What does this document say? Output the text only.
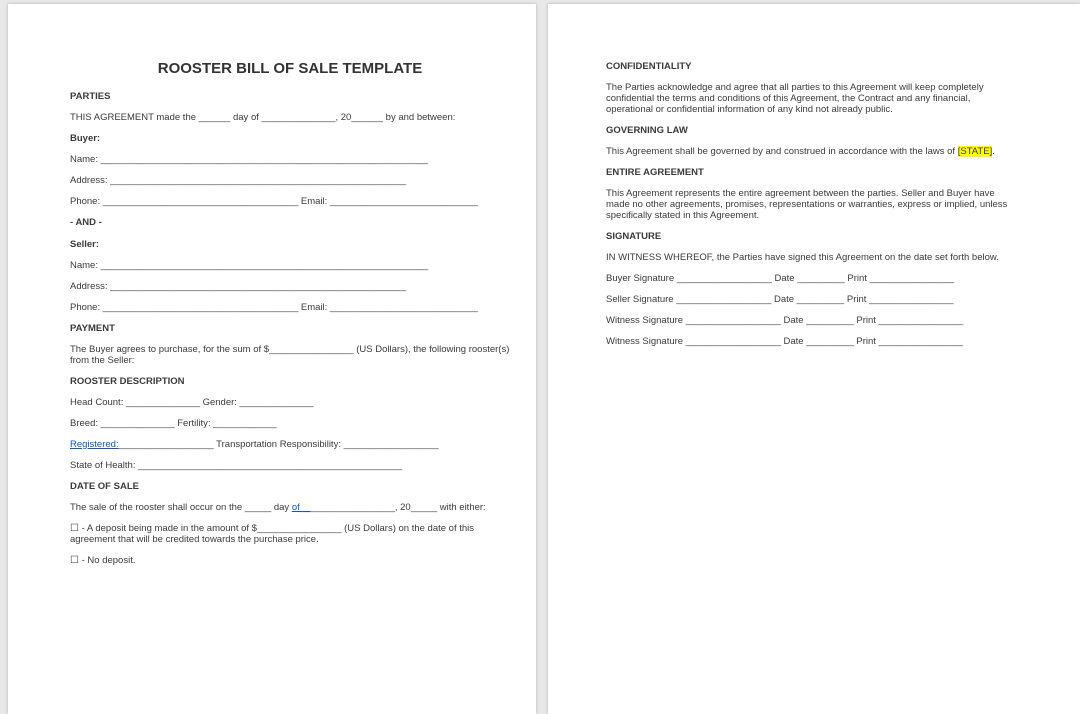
ROOSTER BILL OF SALE TEMPLATE
PARTIES
THIS AGREEMENT made the ______ day of ______________, 20______ by and between:
Buyer:
Name: ______________________________________________________________
Address: ________________________________________________________
Phone: _____________________________________ Email: ____________________________
- AND -
Seller:
Name: ______________________________________________________________
Address: ________________________________________________________
Phone: _____________________________________ Email: ____________________________
PAYMENT
The Buyer agrees to purchase, for the sum of $________________ (US Dollars), the following rooster(s) from the Seller:
ROOSTER DESCRIPTION
Head Count: ______________ Gender: ______________
Breed: ______________ Fertility: ____________
Registered:__________________ Transportation Responsibility: __________________
State of Health: __________________________________________________
DATE OF SALE
The sale of the rooster shall occur on the _____ day of__________________, 20_____ with either:
☐ - A deposit being made in the amount of $________________ (US Dollars) on the date of this agreement that will be credited towards the purchase price.
☐ - No deposit.
CONFIDENTIALITY
The Parties acknowledge and agree that all parties to this Agreement will keep completely confidential the terms and conditions of this Agreement, the Contract and any financial, operational or confidential information of any kind not already public.
GOVERNING LAW
This Agreement shall be governed by and construed in accordance with the laws of [STATE].
ENTIRE AGREEMENT
This Agreement represents the entire agreement between the parties. Seller and Buyer have made no other agreements, promises, representations or warranties, express or implied, unless specifically stated in this Agreement.
SIGNATURE
IN WITNESS WHEREOF, the Parties have signed this Agreement on the date set forth below.
Buyer Signature __________________ Date _________ Print ________________
Seller Signature __________________ Date _________ Print ________________
Witness Signature __________________ Date _________ Print ________________
Witness Signature __________________ Date _________ Print ________________
